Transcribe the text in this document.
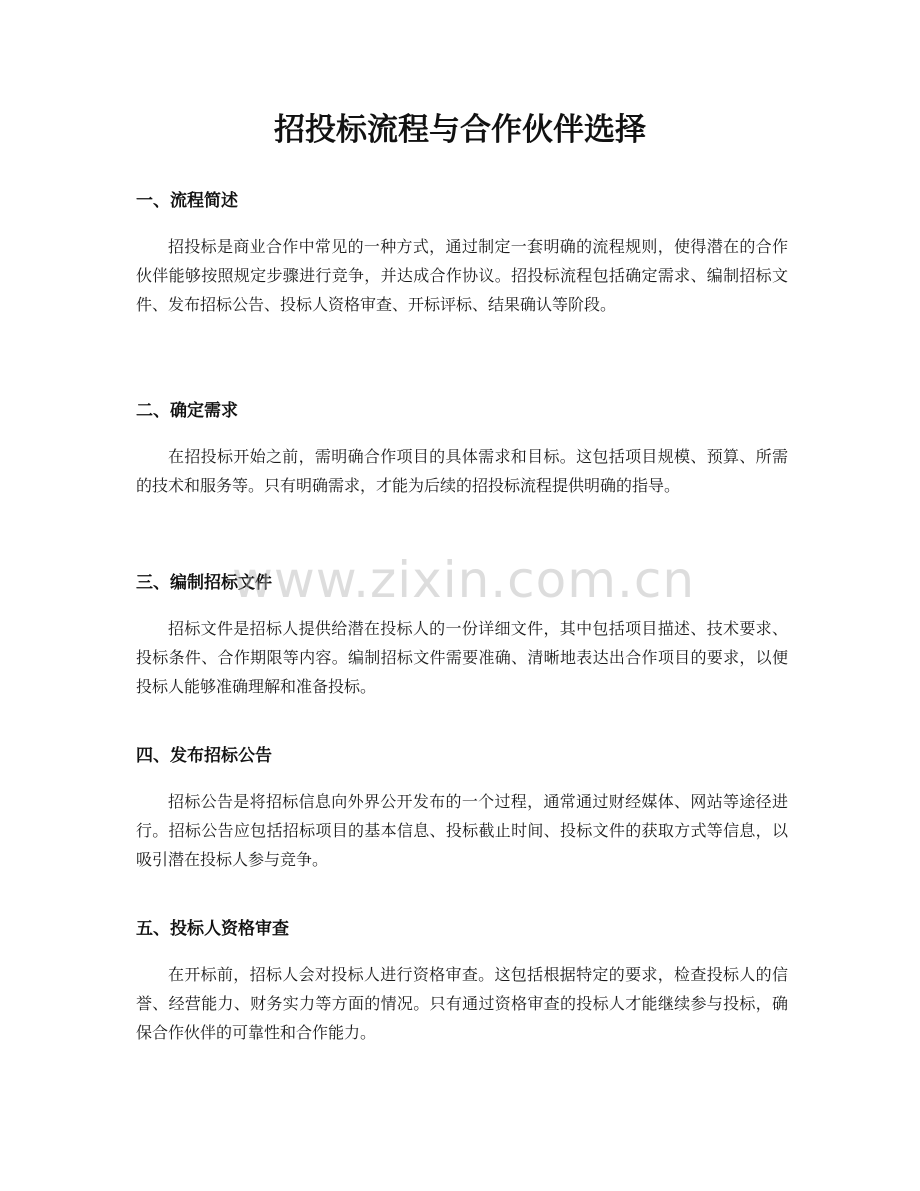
招投标流程与合作伙伴选择
一、流程简述

招投标是商业合作中常见的一种方式，通过制定一套明确的流程规则，使得潜在的合作伙伴能够按照规定步骤进行竞争，并达成合作协议。招投标流程包括确定需求、编制招标文件、发布招标公告、投标人资格审查、开标评标、结果确认等阶段。

二、确定需求

在招投标开始之前，需明确合作项目的具体需求和目标。这包括项目规模、预算、所需的技术和服务等。只有明确需求，才能为后续的招投标流程提供明确的指导。

三、编制招标文件

招标文件是招标人提供给潜在投标人的一份详细文件，其中包括项目描述、技术要求、投标条件、合作期限等内容。编制招标文件需要准确、清晰地表达出合作项目的要求，以便投标人能够准确理解和准备投标。

四、发布招标公告

招标公告是将招标信息向外界公开发布的一个过程，通常通过财经媒体、网站等途径进行。招标公告应包括招标项目的基本信息、投标截止时间、投标文件的获取方式等信息，以吸引潜在投标人参与竞争。

五、投标人资格审查

在开标前，招标人会对投标人进行资格审查。这包括根据特定的要求，检查投标人的信誉、经营能力、财务实力等方面的情况。只有通过资格审查的投标人才能继续参与投标，确保合作伙伴的可靠性和合作能力。

www.zixin.com.cn
